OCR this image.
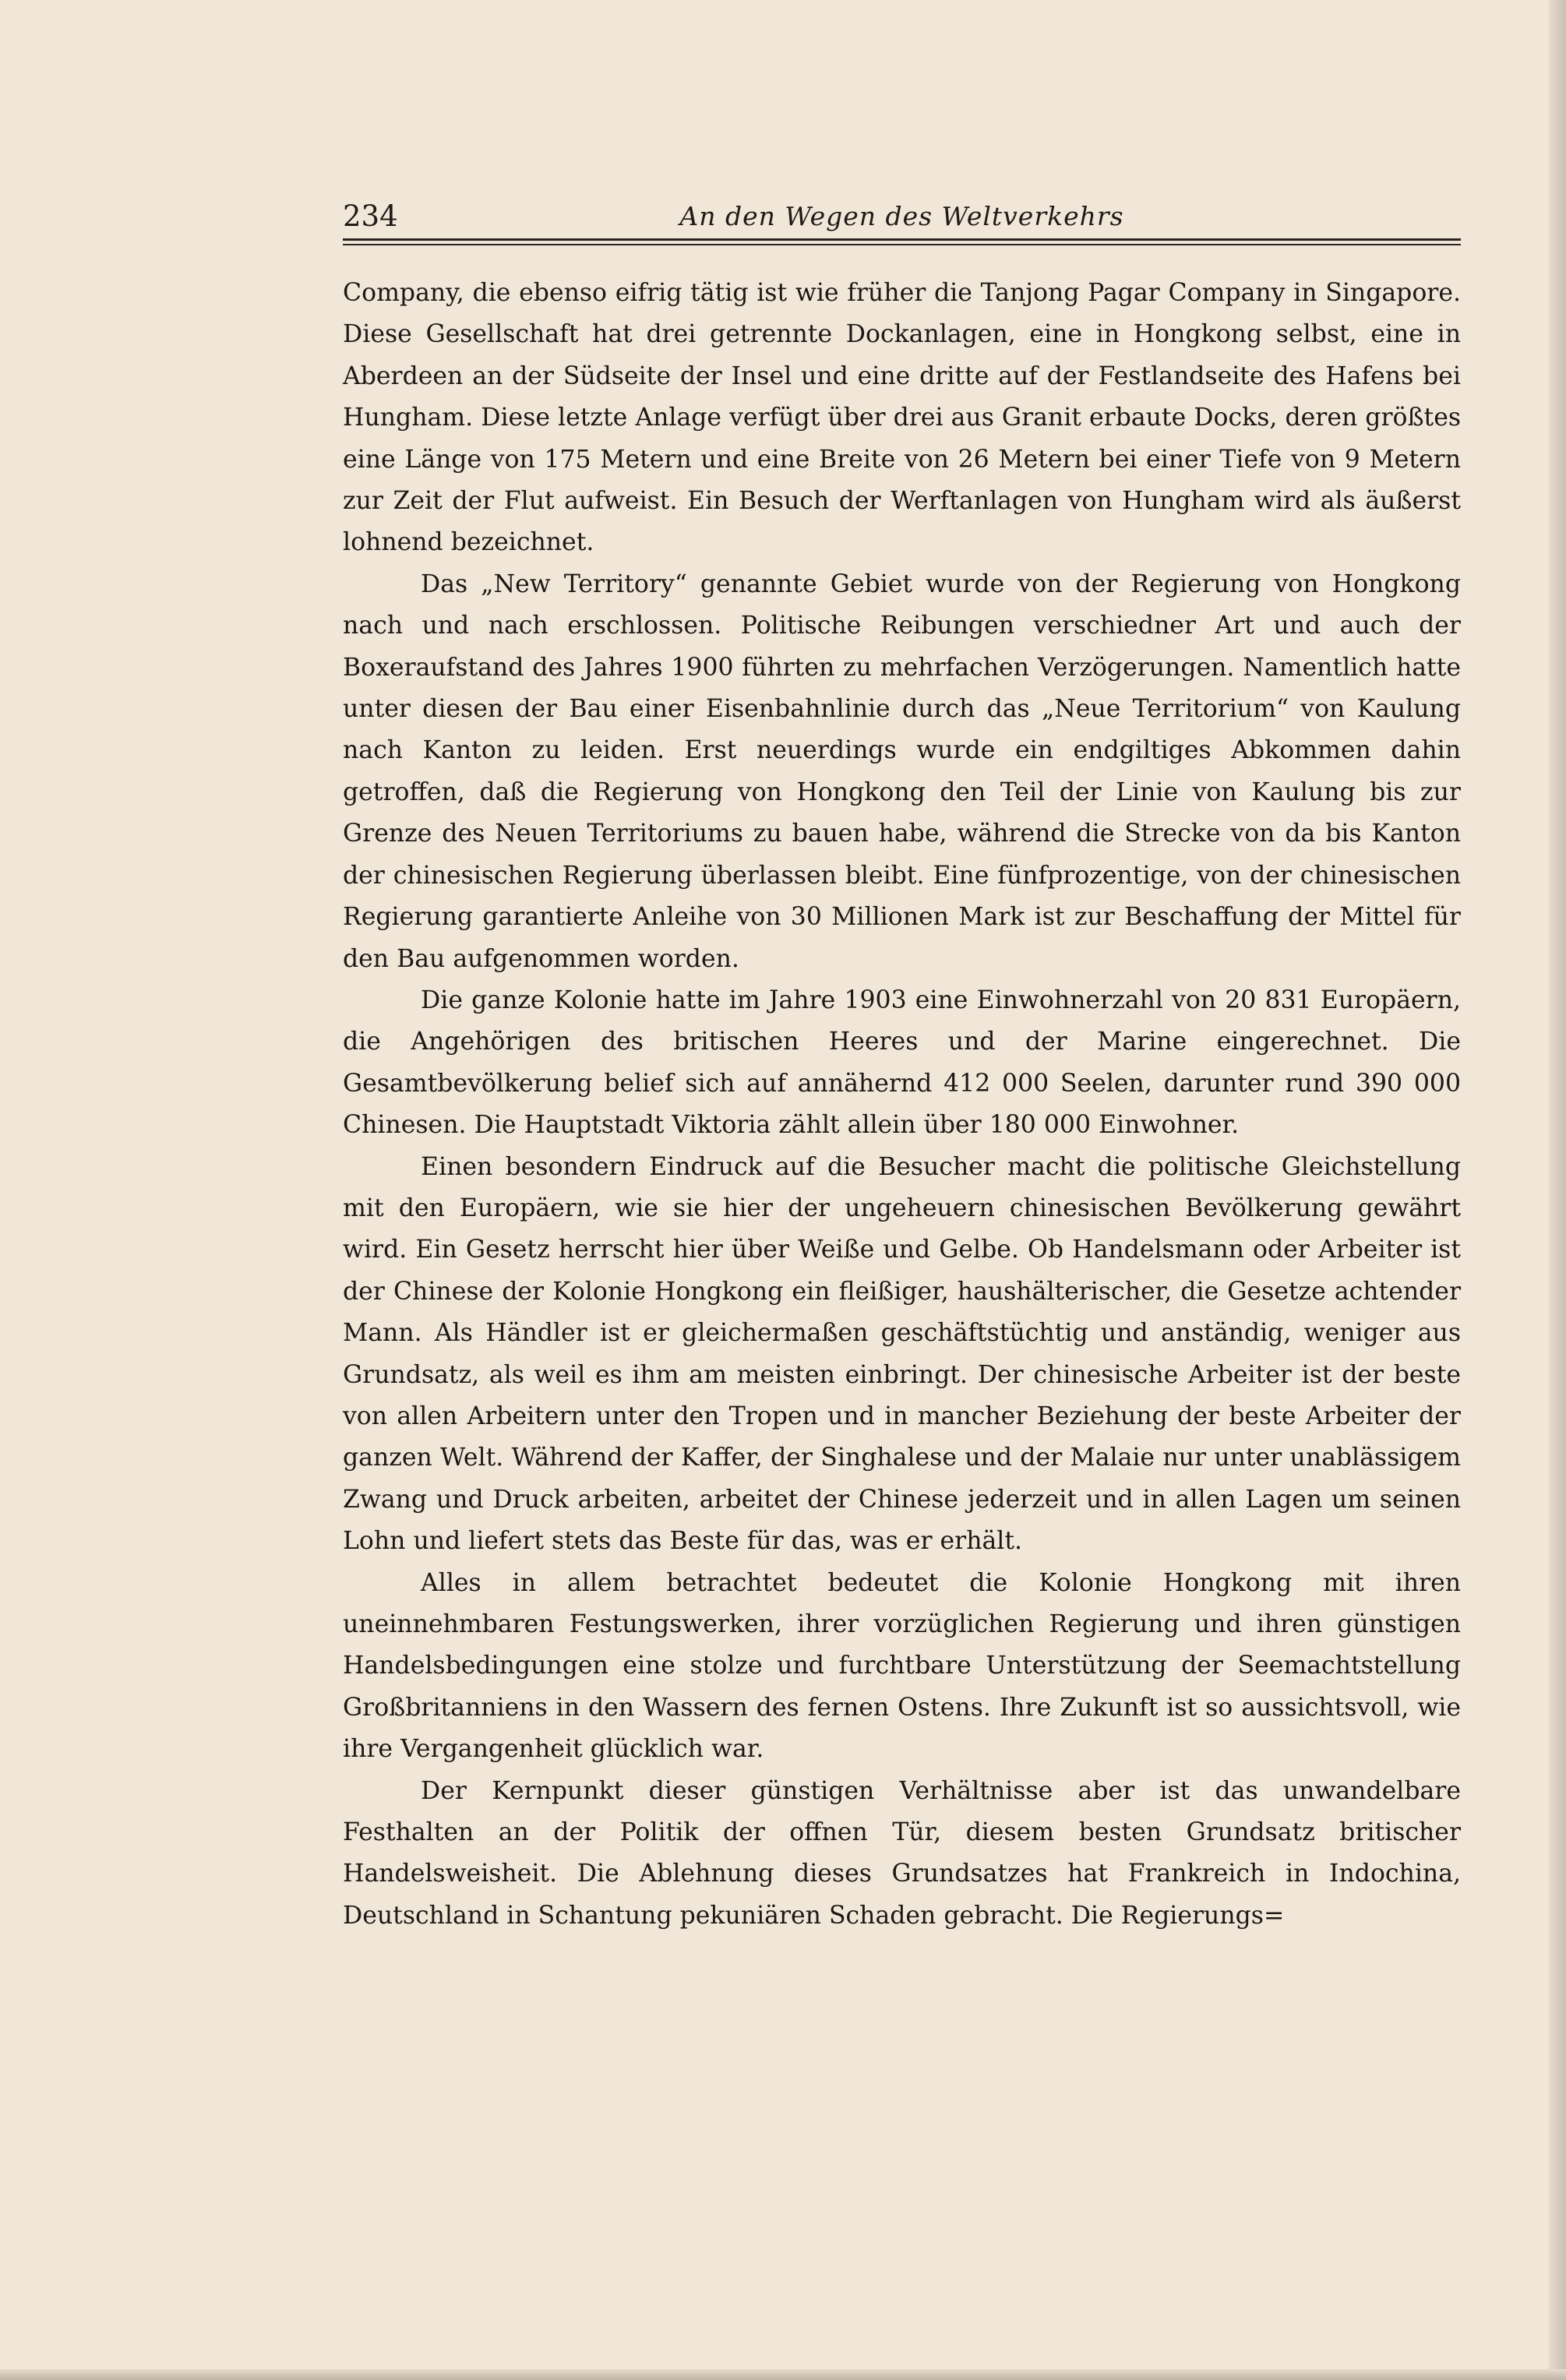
234	An den Wegen des Weltverkehrs

Company, die ebenso eifrig tätig ist wie früher die Tanjong Pagar Company in Singapore. Diese Gesellschaft hat drei getrennte Dockanlagen, eine in Hongkong selbst, eine in Aberdeen an der Südseite der Insel und eine dritte auf der Festlandseite des Hafens bei Hungham. Diese letzte Anlage verfügt über drei aus Granit erbaute Docks, deren größtes eine Länge von 175 Metern und eine Breite von 26 Metern bei einer Tiefe von 9 Metern zur Zeit der Flut aufweist. Ein Besuch der Werftanlagen von Hungham wird als äußerst lohnend bezeichnet.

Das „New Territory“ genannte Gebiet wurde von der Regierung von Hongkong nach und nach erschlossen. Politische Reibungen verschiedner Art und auch der Boxeraufstand des Jahres 1900 führten zu mehrfachen Verzögerungen. Namentlich hatte unter diesen der Bau einer Eisenbahnlinie durch das „Neue Territorium“ von Kaulung nach Kanton zu leiden. Erst neuerdings wurde ein endgiltiges Abkommen dahin getroffen, daß die Regierung von Hongkong den Teil der Linie von Kaulung bis zur Grenze des Neuen Territoriums zu bauen habe, während die Strecke von da bis Kanton der chinesischen Regierung überlassen bleibt. Eine fünfprozentige, von der chinesischen Regierung garantierte Anleihe von 30 Millionen Mark ist zur Beschaffung der Mittel für den Bau aufgenommen worden.

Die ganze Kolonie hatte im Jahre 1903 eine Einwohnerzahl von 20 831 Europäern, die Angehörigen des britischen Heeres und der Marine eingerechnet. Die Gesamtbevölkerung belief sich auf annähernd 412 000 Seelen, darunter rund 390 000 Chinesen. Die Hauptstadt Viktoria zählt allein über 180 000 Einwohner.

Einen besondern Eindruck auf die Besucher macht die politische Gleichstellung mit den Europäern, wie sie hier der ungeheuern chinesischen Bevölkerung gewährt wird. Ein Gesetz herrscht hier über Weiße und Gelbe. Ob Handelsmann oder Arbeiter ist der Chinese der Kolonie Hongkong ein fleißiger, haushälterischer, die Gesetze achtender Mann. Als Händler ist er gleichermaßen geschäftstüchtig und anständig, weniger aus Grundsatz, als weil es ihm am meisten einbringt. Der chinesische Arbeiter ist der beste von allen Arbeitern unter den Tropen und in mancher Beziehung der beste Arbeiter der ganzen Welt. Während der Kaffer, der Singhalese und der Malaie nur unter unablässigem Zwang und Druck arbeiten, arbeitet der Chinese jederzeit und in allen Lagen um seinen Lohn und liefert stets das Beste für das, was er erhält.

Alles in allem betrachtet bedeutet die Kolonie Hongkong mit ihren uneinnehmbaren Festungswerken, ihrer vorzüglichen Regierung und ihren günstigen Handelsbedingungen eine stolze und furchtbare Unterstützung der Seemachtstellung Großbritanniens in den Wassern des fernen Ostens. Ihre Zukunft ist so aussichtsvoll, wie ihre Vergangenheit glücklich war.

Der Kernpunkt dieser günstigen Verhältnisse aber ist das unwandelbare Festhalten an der Politik der offnen Tür, diesem besten Grundsatz britischer Handelsweisheit. Die Ablehnung dieses Grundsatzes hat Frankreich in Indochina, Deutschland in Schantung pekuniären Schaden gebracht. Die Regierungs=
